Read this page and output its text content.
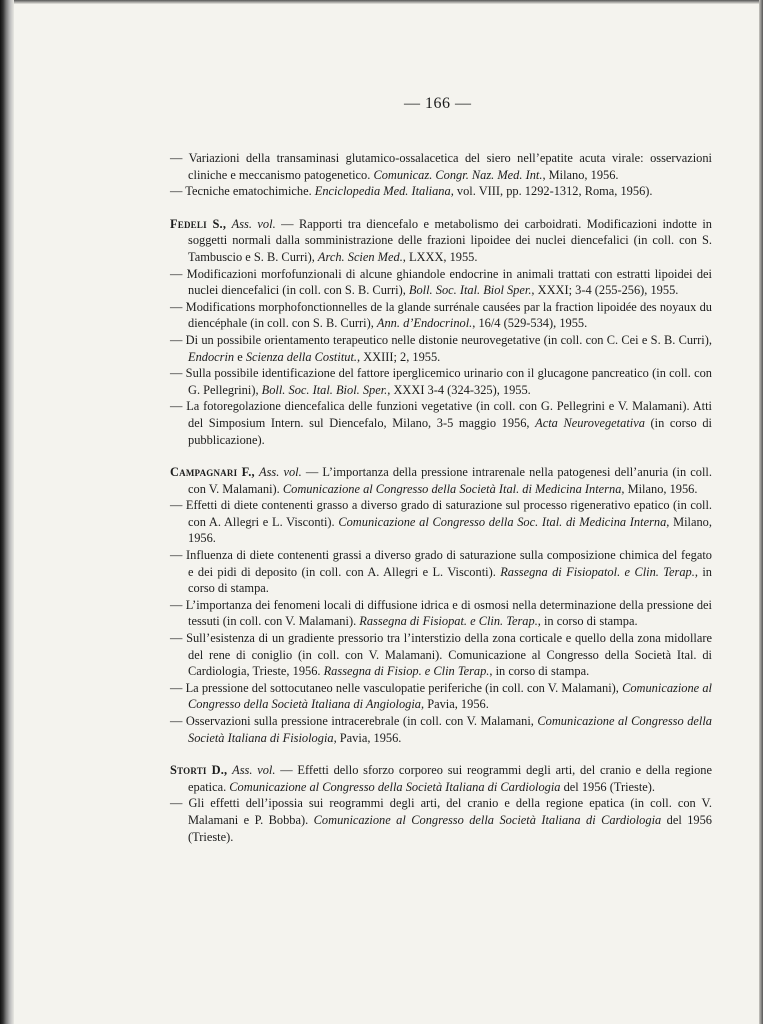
— 166 —

— Variazioni della transaminasi glutamico-ossalacetica del siero nell’epatite acuta virale: osservazioni cliniche e meccanismo patogenetico. Comunicaz. Congr. Naz. Med. Int., Milano, 1956.

— Tecniche ematochimiche. Enciclopedia Med. Italiana, vol. VIII, pp. 1292-1312, Roma, 1956).

Fedeli S., Ass. vol. — Rapporti tra diencefalo e metabolismo dei carboidrati. Modificazioni indotte in soggetti normali dalla somministrazione delle frazioni lipoidee dei nuclei diencefalici (in coll. con S. Tambuscio e S. B. Curri), Arch. Scien Med., LXXX, 1955.

— Modificazioni morfofunzionali di alcune ghiandole endocrine in animali trattati con estratti lipoidei dei nuclei diencefalici (in coll. con S. B. Curri), Boll. Soc. Ital. Biol Sper., XXXI; 3-4 (255-256), 1955.

— Modifications morphofonctionnelles de la glande surrénale causées par la fraction lipoidée des noyaux du diencéphale (in coll. con S. B. Curri), Ann. d’Endocrinol., 16/4 (529-534), 1955.

— Di un possibile orientamento terapeutico nelle distonie neurovegetative (in coll. con C. Cei e S. B. Curri), Endocrin e Scienza della Costitut., XXIII; 2, 1955.

— Sulla possibile identificazione del fattore iperglicemico urinario con il glucagone pancreatico (in coll. con G. Pellegrini), Boll. Soc. Ital. Biol. Sper., XXXI 3-4 (324-325), 1955.

— La fotoregolazione diencefalica delle funzioni vegetative (in coll. con G. Pellegrini e V. Malamani). Atti del Simposium Intern. sul Diencefalo, Milano, 3-5 maggio 1956, Acta Neurovegetativa (in corso di pubblicazione).

Campagnari F., Ass. vol. — L’importanza della pressione intrarenale nella patogenesi dell’anuria (in coll. con V. Malamani). Comunicazione al Congresso della Società Ital. di Medicina Interna, Milano, 1956.

— Effetti di diete contenenti grasso a diverso grado di saturazione sul processo rigenerativo epatico (in coll. con A. Allegri e L. Visconti). Comunicazione al Congresso della Soc. Ital. di Medicina Interna, Milano, 1956.

— Influenza di diete contenenti grassi a diverso grado di saturazione sulla composizione chimica del fegato e dei pidi di deposito (in coll. con A. Allegri e L. Visconti). Rassegna di Fisiopatol. e Clin. Terap., in corso di stampa.

— L’importanza dei fenomeni locali di diffusione idrica e di osmosi nella determinazione della pressione dei tessuti (in coll. con V. Malamani). Rassegna di Fisiopat. e Clin. Terap., in corso di stampa.

— Sull’esistenza di un gradiente pressorio tra l’interstizio della zona corticale e quello della zona midollare del rene di coniglio (in coll. con V. Malamani). Comunicazione al Congresso della Società Ital. di Cardiologia, Trieste, 1956. Rassegna di Fisiop. e Clin Terap., in corso di stampa.

— La pressione del sottocutaneo nelle vasculopatie periferiche (in coll. con V. Malamani), Comunicazione al Congresso della Società Italiana di Angiologia, Pavia, 1956.

— Osservazioni sulla pressione intracerebrale (in coll. con V. Malamani, Comunicazione al Congresso della Società Italiana di Fisiologia, Pavia, 1956.

Storti D., Ass. vol. — Effetti dello sforzo corporeo sui reogrammi degli arti, del cranio e della regione epatica. Comunicazione al Congresso della Società Italiana di Cardiologia del 1956 (Trieste).

— Gli effetti dell’ipossia sui reogrammi degli arti, del cranio e della regione epatica (in coll. con V. Malamani e P. Bobba). Comunicazione al Congresso della Società Italiana di Cardiologia del 1956 (Trieste).
